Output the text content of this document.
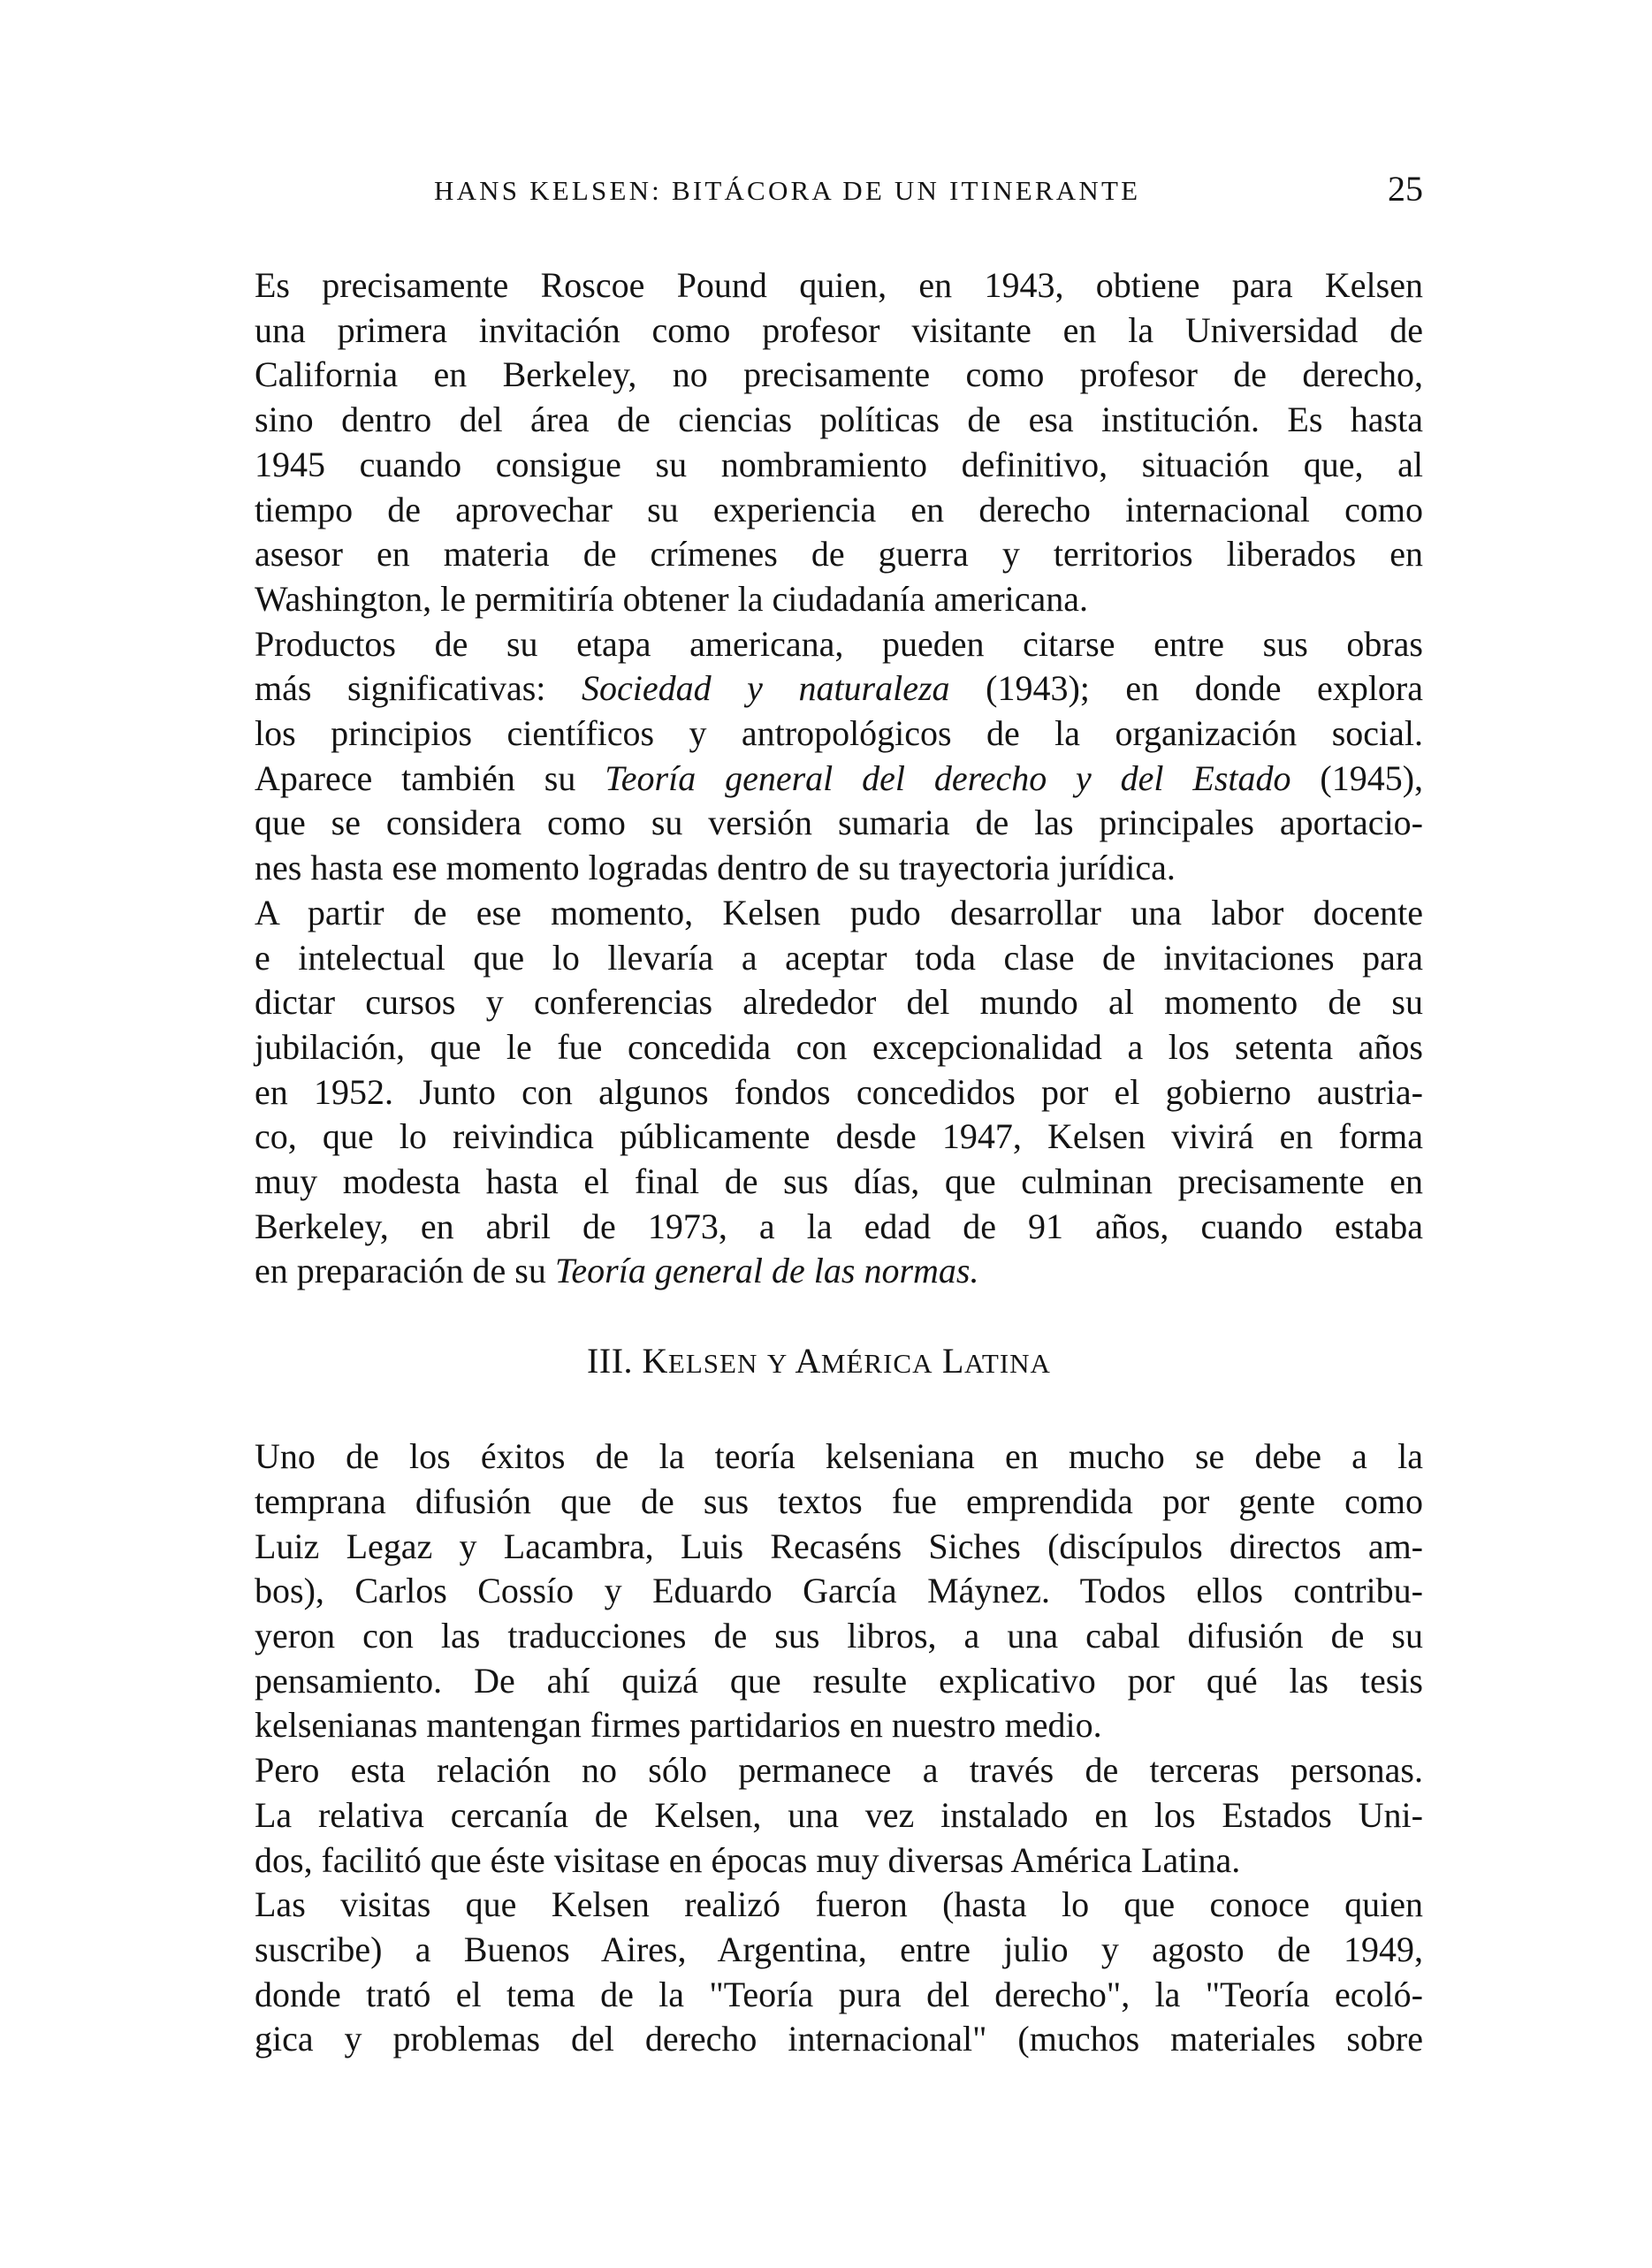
HANS KELSEN: BITÁCORA DE UN ITINERANTE	25

Es precisamente Roscoe Pound quien, en 1943, obtiene para Kelsen
una primera invitación como profesor visitante en la Universidad de
California en Berkeley, no precisamente como profesor de derecho,
sino dentro del área de ciencias políticas de esa institución. Es hasta
1945 cuando consigue su nombramiento definitivo, situación que, al
tiempo de aprovechar su experiencia en derecho internacional como
asesor en materia de crímenes de guerra y territorios liberados en
Washington, le permitiría obtener la ciudadanía americana.

Productos de su etapa americana, pueden citarse entre sus obras
más significativas: Sociedad y naturaleza (1943); en donde explora
los principios científicos y antropológicos de la organización social.
Aparece también su Teoría general del derecho y del Estado (1945),
que se considera como su versión sumaria de las principales aportacio-
nes hasta ese momento logradas dentro de su trayectoria jurídica.

A partir de ese momento, Kelsen pudo desarrollar una labor docente
e intelectual que lo llevaría a aceptar toda clase de invitaciones para
dictar cursos y conferencias alrededor del mundo al momento de su
jubilación, que le fue concedida con excepcionalidad a los setenta años
en 1952. Junto con algunos fondos concedidos por el gobierno austria-
co, que lo reivindica públicamente desde 1947, Kelsen vivirá en forma
muy modesta hasta el final de sus días, que culminan precisamente en
Berkeley, en abril de 1973, a la edad de 91 años, cuando estaba
en preparación de su Teoría general de las normas.

III. KELSEN Y AMÉRICA LATINA

Uno de los éxitos de la teoría kelseniana en mucho se debe a la
temprana difusión que de sus textos fue emprendida por gente como
Luiz Legaz y Lacambra, Luis Recaséns Siches (discípulos directos am-
bos), Carlos Cossío y Eduardo García Máynez. Todos ellos contribu-
yeron con las traducciones de sus libros, a una cabal difusión de su
pensamiento. De ahí quizá que resulte explicativo por qué las tesis
kelsenianas mantengan firmes partidarios en nuestro medio.

Pero esta relación no sólo permanece a través de terceras personas.
La relativa cercanía de Kelsen, una vez instalado en los Estados Uni-
dos, facilitó que éste visitase en épocas muy diversas América Latina.

Las visitas que Kelsen realizó fueron (hasta lo que conoce quien
suscribe) a Buenos Aires, Argentina, entre julio y agosto de 1949,
donde trató el tema de la "Teoría pura del derecho", la "Teoría ecoló-
gica y problemas del derecho internacional" (muchos materiales sobre
